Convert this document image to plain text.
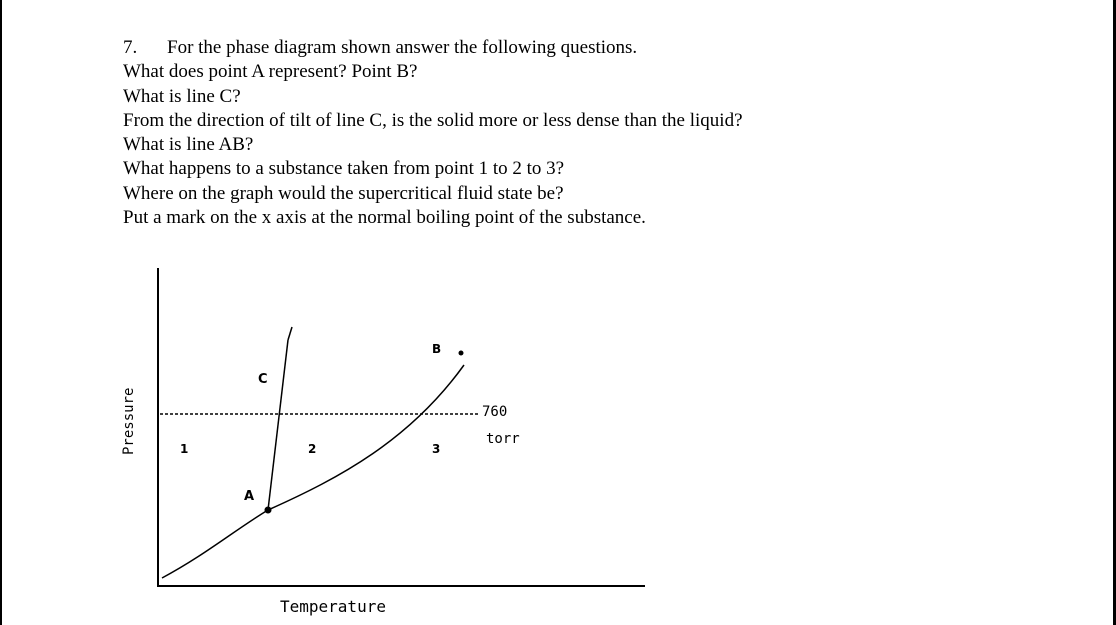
7. For the phase diagram shown answer the following questions.
What does point A represent? Point B?
What is line C?
From the direction of tilt of line C, is the solid more or less dense than the liquid?
What is line AB?
What happens to a substance taken from point 1 to 2 to 3?
Where on the graph would the supercritical fluid state be?
Put a mark on the x axis at the normal boiling point of the substance.
A
B
C
1	2	3
760
torr
Temperature
Pressure
